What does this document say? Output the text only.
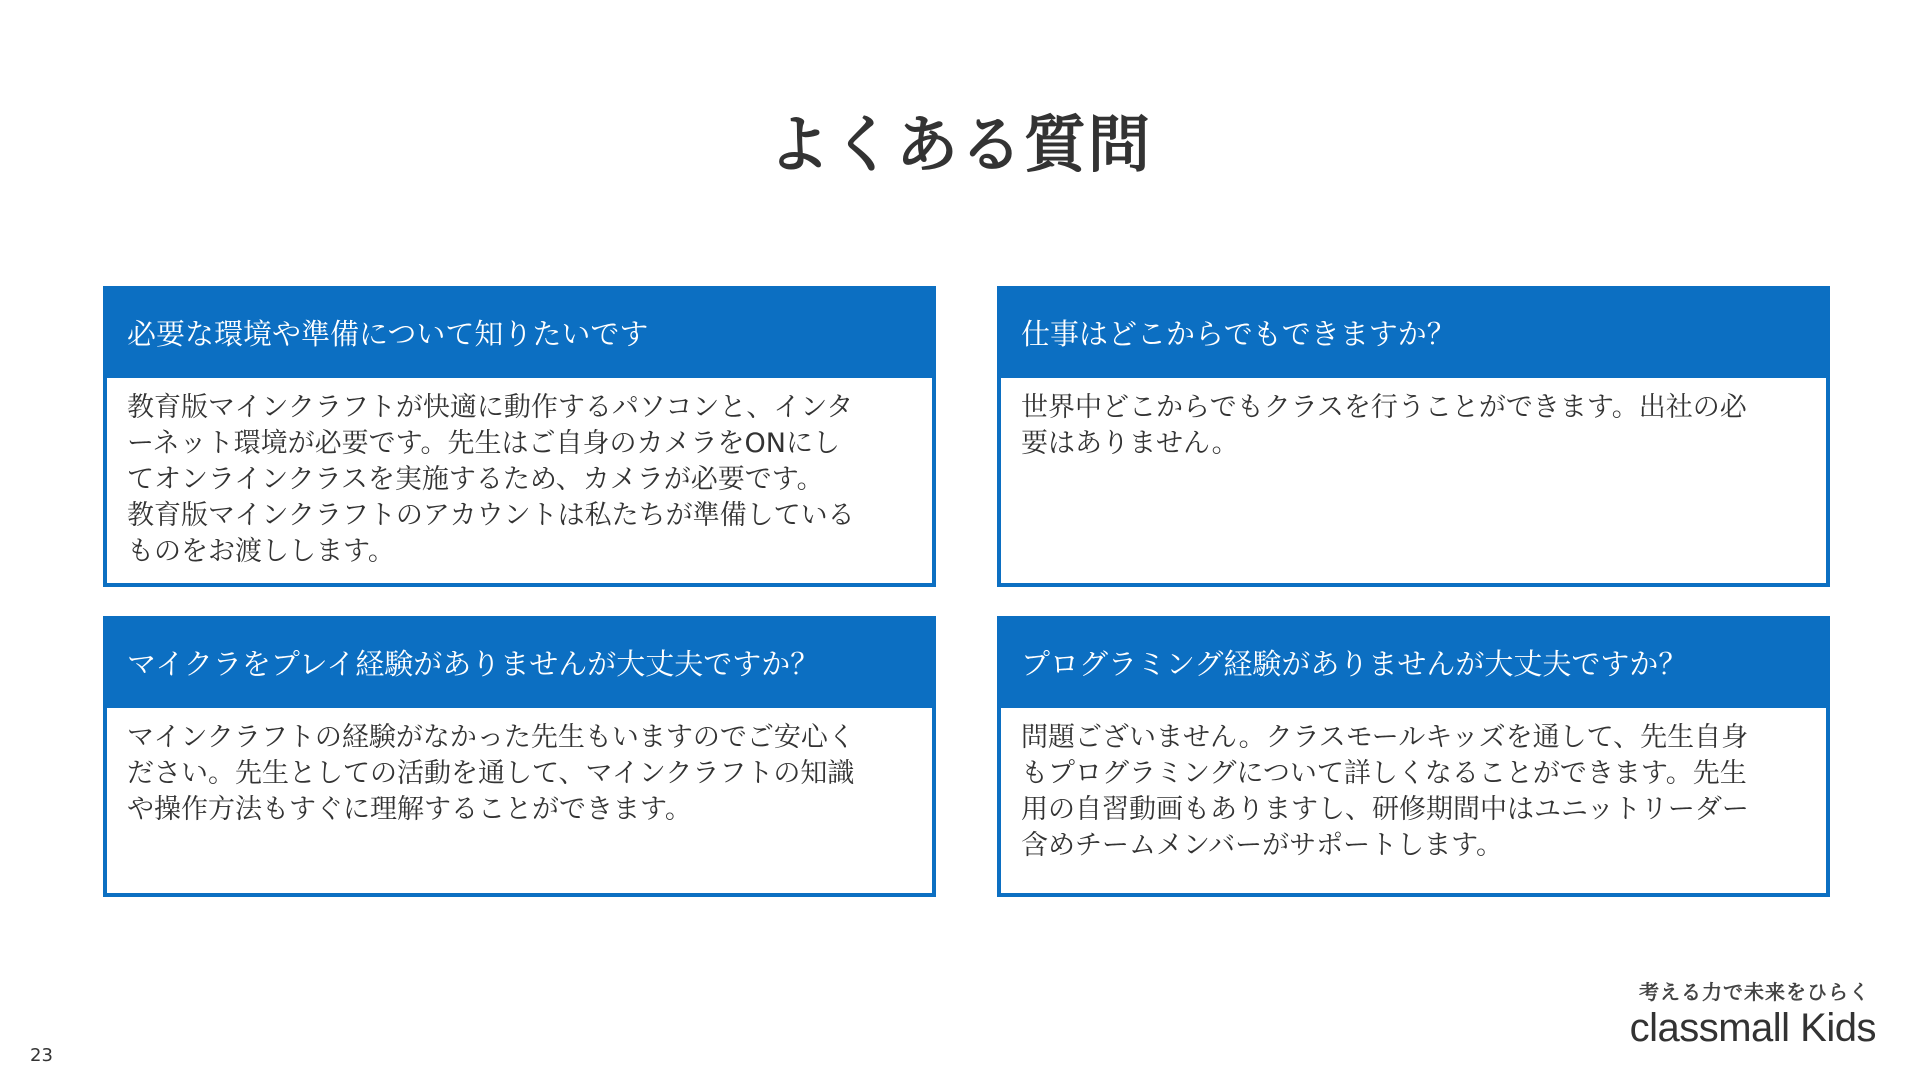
よくある質問
必要な環境や準備について知りたいです
教育版マインクラフトが快適に動作するパソコンと、インタ
ーネット環境が必要です。先生はご自身のカメラをONにし
てオンラインクラスを実施するため、カメラが必要です。
教育版マインクラフトのアカウントは私たちが準備している
ものをお渡しします。
仕事はどこからでもできますか？
世界中どこからでもクラスを行うことができます。出社の必
要はありません。
マイクラをプレイ経験がありませんが大丈夫ですか？
マインクラフトの経験がなかった先生もいますのでご安心く
ださい。先生としての活動を通して、マインクラフトの知識
や操作方法もすぐに理解することができます。
プログラミング経験がありませんが大丈夫ですか？
問題ございません。クラスモールキッズを通して、先生自身
もプログラミングについて詳しくなることができます。先生
用の自習動画もありますし、研修期間中はユニットリーダー
含めチームメンバーがサポートします。
考える力で未来をひらく
classmall Kids
23
